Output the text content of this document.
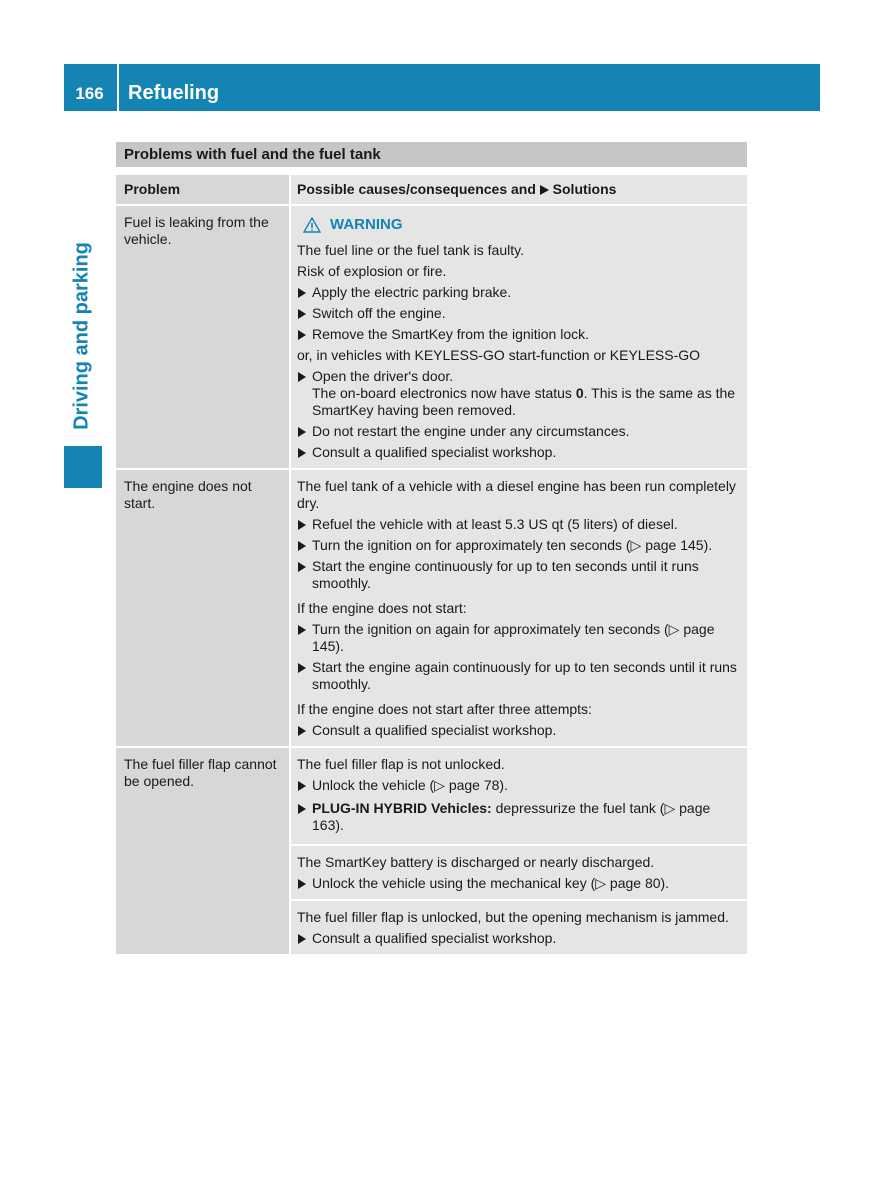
166	Refueling
Driving and parking
Problems with fuel and the fuel tank
Problem	Possible causes/consequences and  Solutions
Fuel is leaking from the vehicle.
WARNING
The fuel line or the fuel tank is faulty.
Risk of explosion or fire.
Apply the electric parking brake.
Switch off the engine.
Remove the SmartKey from the ignition lock.
or, in vehicles with KEYLESS-GO start-function or KEYLESS-GO
Open the driver's door.
The on-board electronics now have status 0. This is the same as the SmartKey having been removed.
Do not restart the engine under any circumstances.
Consult a qualified specialist workshop.
The engine does not start.
The fuel tank of a vehicle with a diesel engine has been run completely dry.
Refuel the vehicle with at least 5.3 US qt (5 liters) of diesel.
Turn the ignition on for approximately ten seconds (▷ page 145).
Start the engine continuously for up to ten seconds until it runs smoothly.
If the engine does not start:
Turn the ignition on again for approximately ten seconds (▷ page 145).
Start the engine again continuously for up to ten seconds until it runs smoothly.
If the engine does not start after three attempts:
Consult a qualified specialist workshop.
The fuel filler flap cannot be opened.
The fuel filler flap is not unlocked.
Unlock the vehicle (▷ page 78).
PLUG-IN HYBRID Vehicles: depressurize the fuel tank (▷ page 163).
The SmartKey battery is discharged or nearly discharged.
Unlock the vehicle using the mechanical key (▷ page 80).
The fuel filler flap is unlocked, but the opening mechanism is jammed.
Consult a qualified specialist workshop.
